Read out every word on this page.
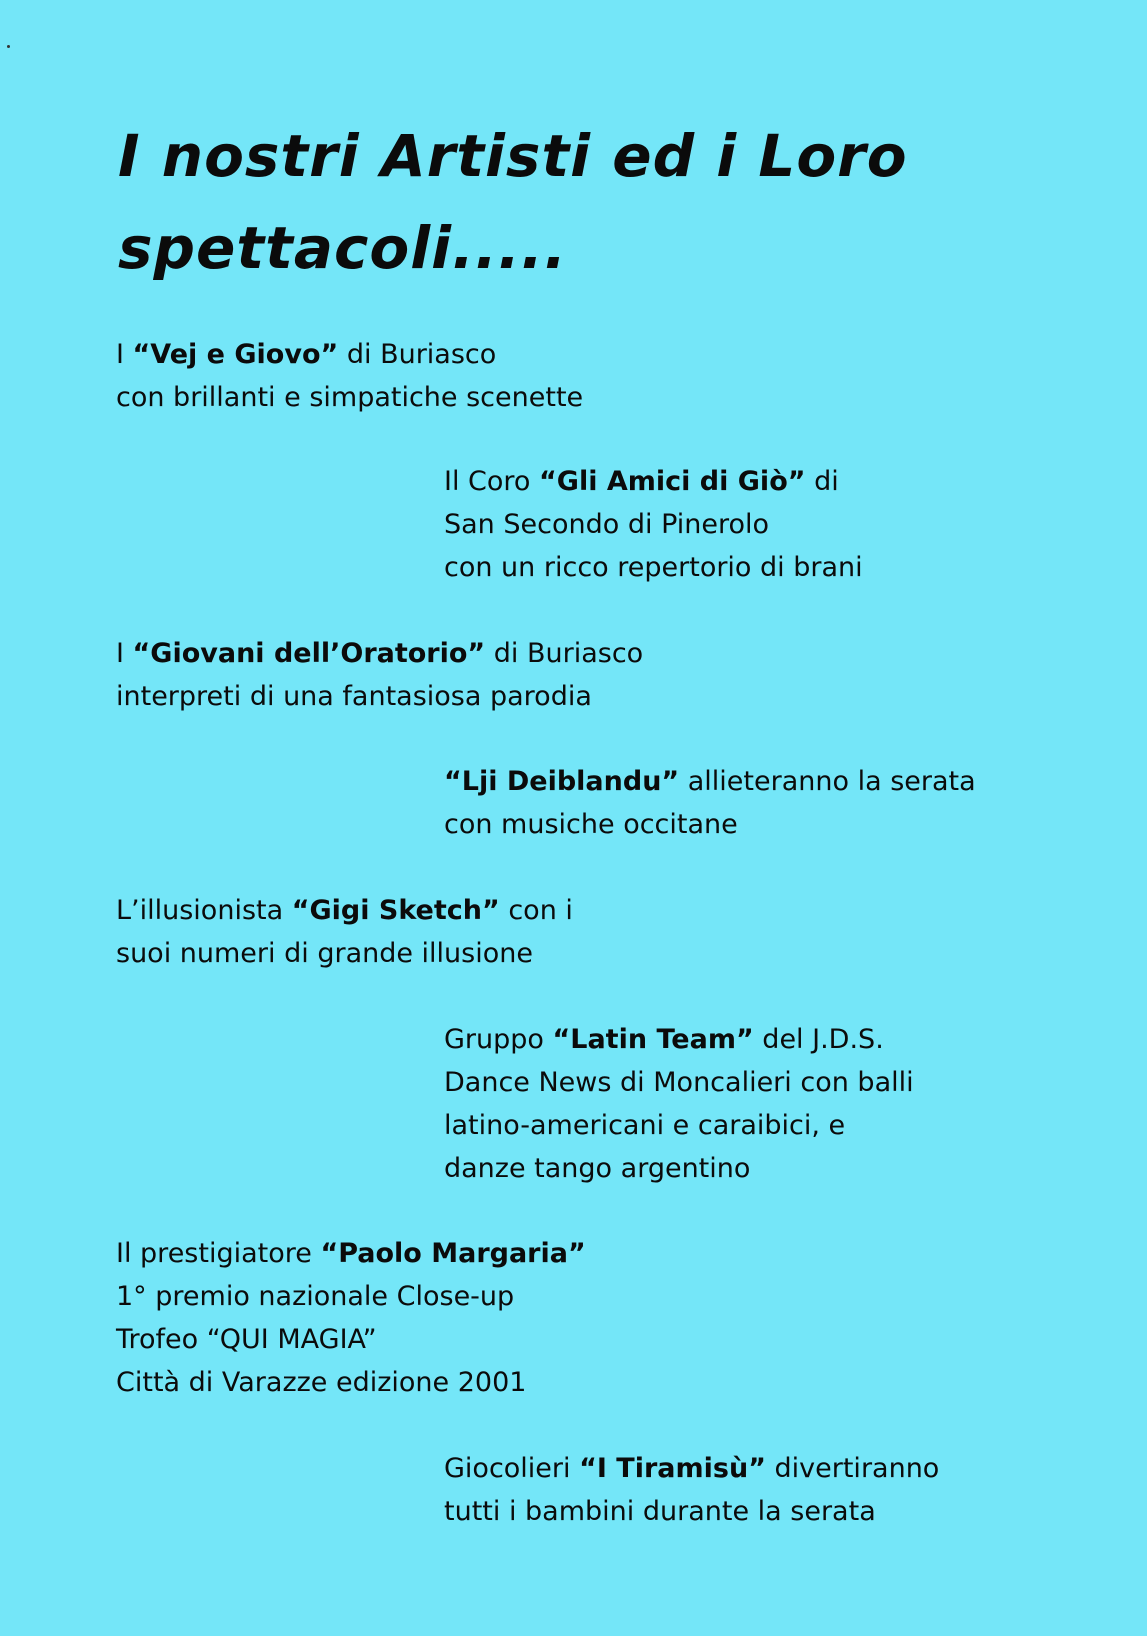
I nostri Artisti ed i Loro
spettacoli.....
I “Vej e Giovo” di Buriasco
con brillanti e simpatiche scenette
Il Coro “Gli Amici di Giò” di
San Secondo di Pinerolo
con un ricco repertorio di brani
I “Giovani dell’Oratorio” di Buriasco
interpreti di una fantasiosa parodia
“Lji Deiblandu” allieteranno la serata
con musiche occitane
L’illusionista “Gigi Sketch” con i
suoi numeri di grande illusione
Gruppo “Latin Team” del J.D.S.
Dance News di Moncalieri con balli
latino-americani e caraibici, e
danze tango argentino
Il prestigiatore “Paolo Margaria”
1° premio nazionale Close-up
Trofeo “QUI MAGIA”
Città di Varazze edizione 2001
Giocolieri “I Tiramisù” divertiranno
tutti i bambini durante la serata
